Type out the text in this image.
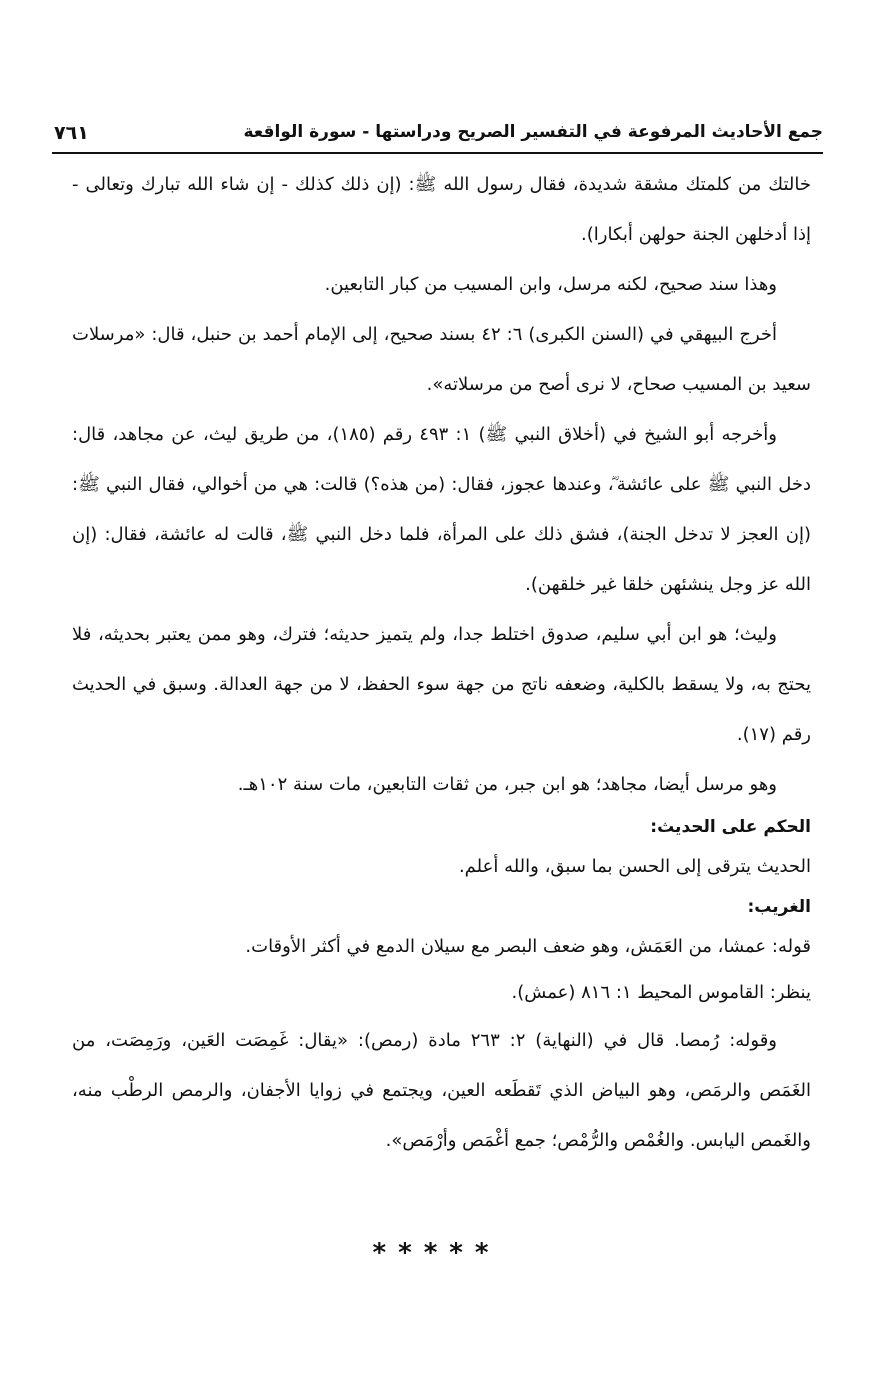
جمع الأحاديث المرفوعة في التفسير الصريح ودراستها - سورة الواقعة
٧٦١

خالتك من كلمتك مشقة شديدة، فقال رسول الله ﷺ: (إن ذلك كذلك - إن شاء الله تبارك وتعالى - إذا أدخلهن الجنة حولهن أبكارا).

وهذا سند صحيح، لكنه مرسل، وابن المسيب من كبار التابعين.

أخرج البيهقي في (السنن الكبرى) ٦: ٤٢ بسند صحيح، إلى الإمام أحمد بن حنبل، قال: «مرسلات سعيد بن المسيب صحاح، لا نرى أصح من مرسلاته».

وأخرجه أبو الشيخ في (أخلاق النبي ﷺ) ١: ٤٩٣ رقم (١٨٥)، من طريق ليث، عن مجاهد، قال: دخل النبي ﷺ على عائشة ؓ، وعندها عجوز، فقال: (من هذه؟) قالت: هي من أخوالي، فقال النبي ﷺ: (إن العجز لا تدخل الجنة)، فشق ذلك على المرأة، فلما دخل النبي ﷺ، قالت له عائشة، فقال: (إن الله عز وجل ينشئهن خلقا غير خلقهن).

وليث؛ هو ابن أبي سليم، صدوق اختلط جدا، ولم يتميز حديثه؛ فترك، وهو ممن يعتبر بحديثه، فلا يحتج به، ولا يسقط بالكلية، وضعفه ناتج من جهة سوء الحفظ، لا من جهة العدالة. وسبق في الحديث رقم (١٧).

وهو مرسل أيضا، مجاهد؛ هو ابن جبر، من ثقات التابعين، مات سنة ١٠٢هـ.

الحكم على الحديث:

الحديث يترقى إلى الحسن بما سبق، والله أعلم.

الغريب:

قوله: عمشا، من العَمَش، وهو ضعف البصر مع سيلان الدمع في أكثر الأوقات.

ينظر: القاموس المحيط ١: ٨١٦ (عمش).

وقوله: رُمصا. قال في (النهاية) ٢: ٢٦٣ مادة (رمص): «يقال: غَمِصَت العَين، ورَمِصَت، من الغَمَص والرمَص، وهو البياض الذي تَقطَعه العين، ويجتمع في زوايا الأجفان، والرمص الرطْب منه، والغَمص اليابس. والغُمْص والرُّمْص؛ جمع أغْمَص وأرْمَص».

*****
